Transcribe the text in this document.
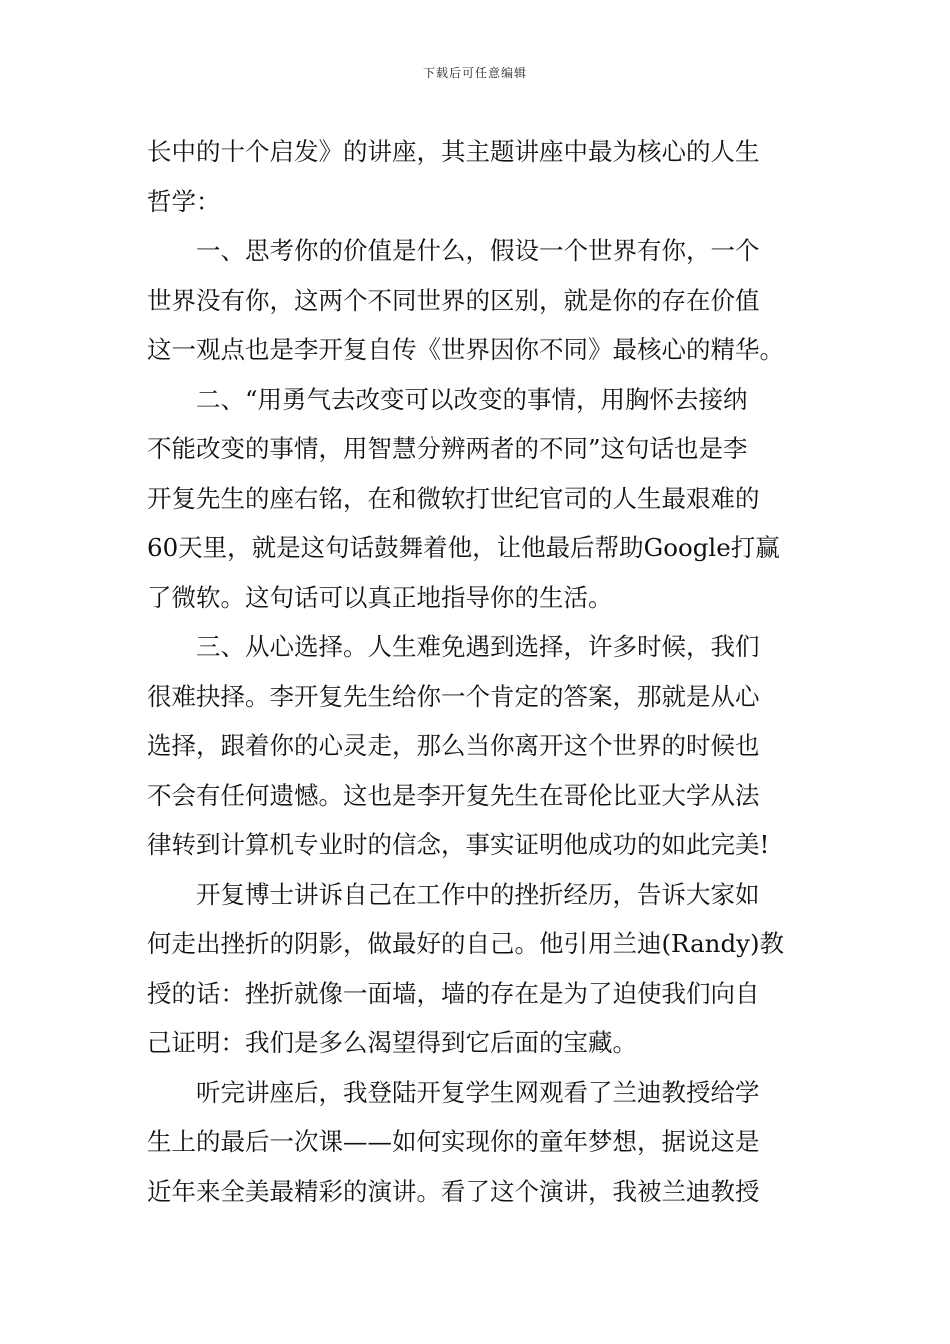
下载后可任意编辑
长中的十个启发》的讲座，其主题讲座中最为核心的人生
哲学：
一、思考你的价值是什么，假设一个世界有你，一个
世界没有你，这两个不同世界的区别，就是你的存在价值
这一观点也是李开复自传《世界因你不同》最核心的精华。
二、“用勇气去改变可以改变的事情，用胸怀去接纳
不能改变的事情，用智慧分辨两者的不同”这句话也是李
开复先生的座右铭，在和微软打世纪官司的人生最艰难的
60天里，就是这句话鼓舞着他，让他最后帮助Google打赢
了微软。这句话可以真正地指导你的生活。
三、从心选择。人生难免遇到选择，许多时候，我们
很难抉择。李开复先生给你一个肯定的答案，那就是从心
选择，跟着你的心灵走，那么当你离开这个世界的时候也
不会有任何遗憾。这也是李开复先生在哥伦比亚大学从法
律转到计算机专业时的信念，事实证明他成功的如此完美!
开复博士讲诉自己在工作中的挫折经历，告诉大家如
何走出挫折的阴影，做最好的自己。他引用兰迪(Randy)教
授的话：挫折就像一面墙，墙的存在是为了迫使我们向自
己证明：我们是多么渴望得到它后面的宝藏。
听完讲座后，我登陆开复学生网观看了兰迪教授给学
生上的最后一次课——如何实现你的童年梦想，据说这是
近年来全美最精彩的演讲。看了这个演讲，我被兰迪教授
